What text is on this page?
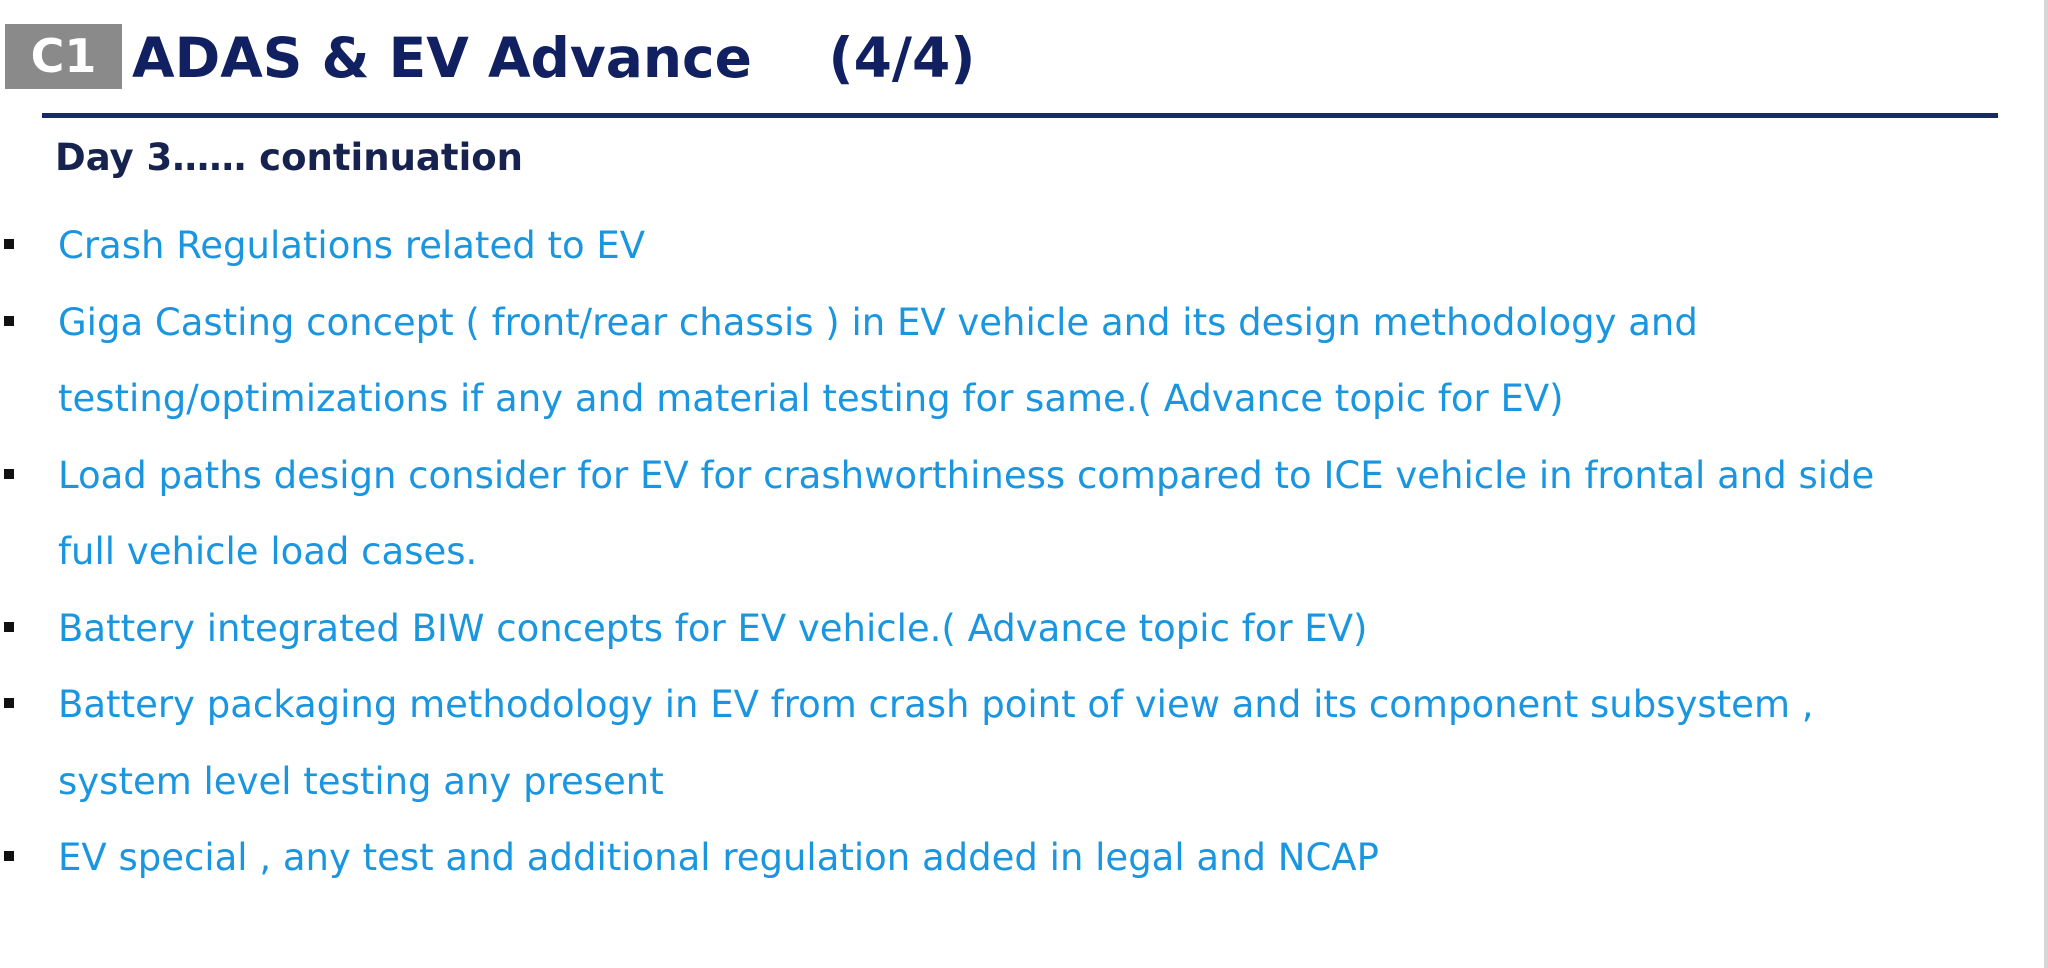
C1 ADAS & EV Advance    (4/4)
Day 3…… continuation
Crash Regulations related to EV
Giga Casting concept ( front/rear chassis ) in EV vehicle and its design methodology and
testing/optimizations if any and material testing for same.( Advance topic for EV)
Load paths design consider for EV for crashworthiness compared to ICE vehicle in frontal and side
full vehicle load cases.
Battery integrated BIW concepts for EV vehicle.( Advance topic for EV)
Battery packaging methodology in EV from crash point of view and its component subsystem ,
system level testing any present
EV special , any test and additional regulation added in legal and NCAP
